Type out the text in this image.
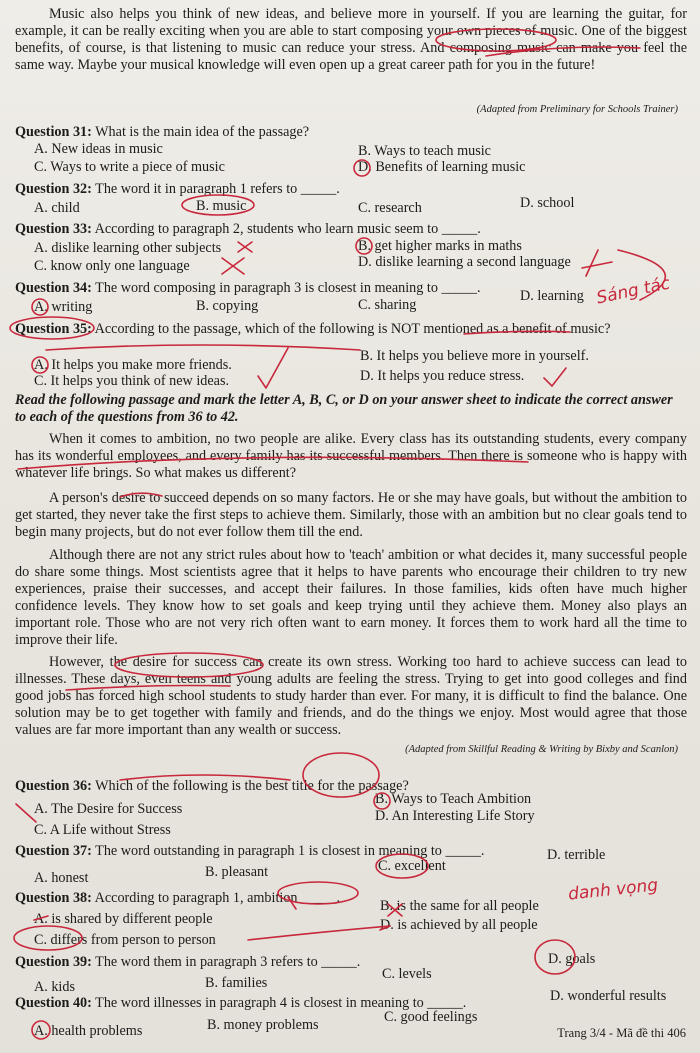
Music also helps you think of new ideas, and believe more in yourself. If you are learning the guitar, for example, it can be really exciting when you are able to start composing your own pieces of music. One of the biggest benefits, of course, is that listening to music can reduce your stress. And composing music can make you feel the same way. Maybe your musical knowledge will even open up a great career path for you in the future!

(Adapted from Preliminary for Schools Trainer)
Question 31: What is the main idea of the passage?
A. New ideas in music	B. Ways to teach music
C. Ways to write a piece of music	D. Benefits of learning music
Question 32: The word it in paragraph 1 refers to _____.
A. child	B. music	C. research	D. school
Question 33: According to paragraph 2, students who learn music seem to _____.
A. dislike learning other subjects	B. get higher marks in maths
C. know only one language	D. dislike learning a second language
Question 34: The word composing in paragraph 3 is closest in meaning to _____.
A. writing	B. copying	C. sharing
D. learning
Question 35: According to the passage, which of the following is NOT mentioned as a benefit of music?
A. It helps you make more friends.
B. It helps you believe more in yourself.
C. It helps you think of new ideas.	D. It helps you reduce stress.
Read the following passage and mark the letter A, B, C, or D on your answer sheet to indicate the correct answer to each of the questions from 36 to 42.

When it comes to ambition, no two people are alike. Every class has its outstanding students, every company has its wonderful employees, and every family has its successful members. Then there is someone who is happy with whatever life brings. So what makes us different?

A person's desire to succeed depends on so many factors. He or she may have goals, but without the ambition to get started, they never take the first steps to achieve them. Similarly, those with an ambition but no clear goals tend to begin many projects, but do not ever follow them till the end.

Although there are not any strict rules about how to 'teach' ambition or what decides it, many successful people do share some things. Most scientists agree that it helps to have parents who encourage their children to try new experiences, praise their successes, and accept their failures. In those families, kids often have much higher confidence levels. They know how to set goals and keep trying until they achieve them. Money also plays an important role. Those who are not very rich often want to earn money. It forces them to work hard all the time to improve their life.

However, the desire for success can create its own stress. Working too hard to achieve success can lead to illnesses. These days, even teens and young adults are feeling the stress. Trying to get into good colleges and find good jobs has forced high school students to study harder than ever. For many, it is difficult to find the balance. One solution may be to get together with family and friends, and do the things we enjoy. Most would agree that those values are far more important than any wealth or success.

(Adapted from Skillful Reading & Writing by Bixby and Scanlon)
Question 36: Which of the following is the best title for the passage?
A. The Desire for Success
B. Ways to Teach Ambition
C. A Life without Stress
D. An Interesting Life Story
Question 37: The word outstanding in paragraph 1 is closest in meaning to _____.
A. honest	B. pleasant	C. excellent
D. terrible
Question 38: According to paragraph 1, ambition _____.
A. is shared by different people
B. is the same for all people
C. differs from person to person
D. is achieved by all people
Question 39: The word them in paragraph 3 refers to _____.
A. kids	B. families
C. levels
D. goals
Question 40: The word illnesses in paragraph 4 is closest in meaning to _____.
A. health problems	B. money problems	C. good feelings
D. wonderful results
Trang 3/4 - Mã đề thi 406
Sáng tác
danh vọng
